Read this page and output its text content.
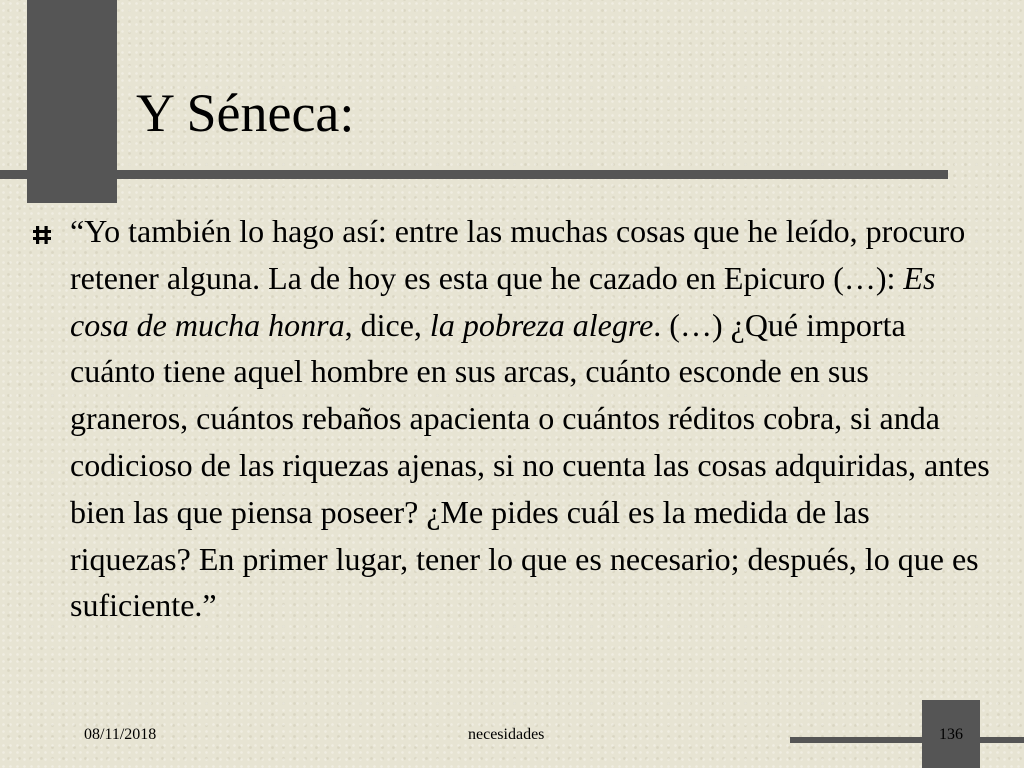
Y Séneca:

“Yo también lo hago así: entre las muchas cosas que he leído, procuro retener alguna. La de hoy es esta que he cazado en Epicuro (…): Es cosa de mucha honra, dice, la pobreza alegre. (…) ¿Qué importa cuánto tiene aquel hombre en sus arcas, cuánto esconde en sus graneros, cuántos rebaños apacienta o cuántos réditos cobra, si anda codicioso de las riquezas ajenas, si no cuenta las cosas adquiridas, antes bien las que piensa poseer? ¿Me pides cuál es la medida de las riquezas? En primer lugar, tener lo que es necesario; después, lo que es suficiente.”

08/11/2018	necesidades	136
